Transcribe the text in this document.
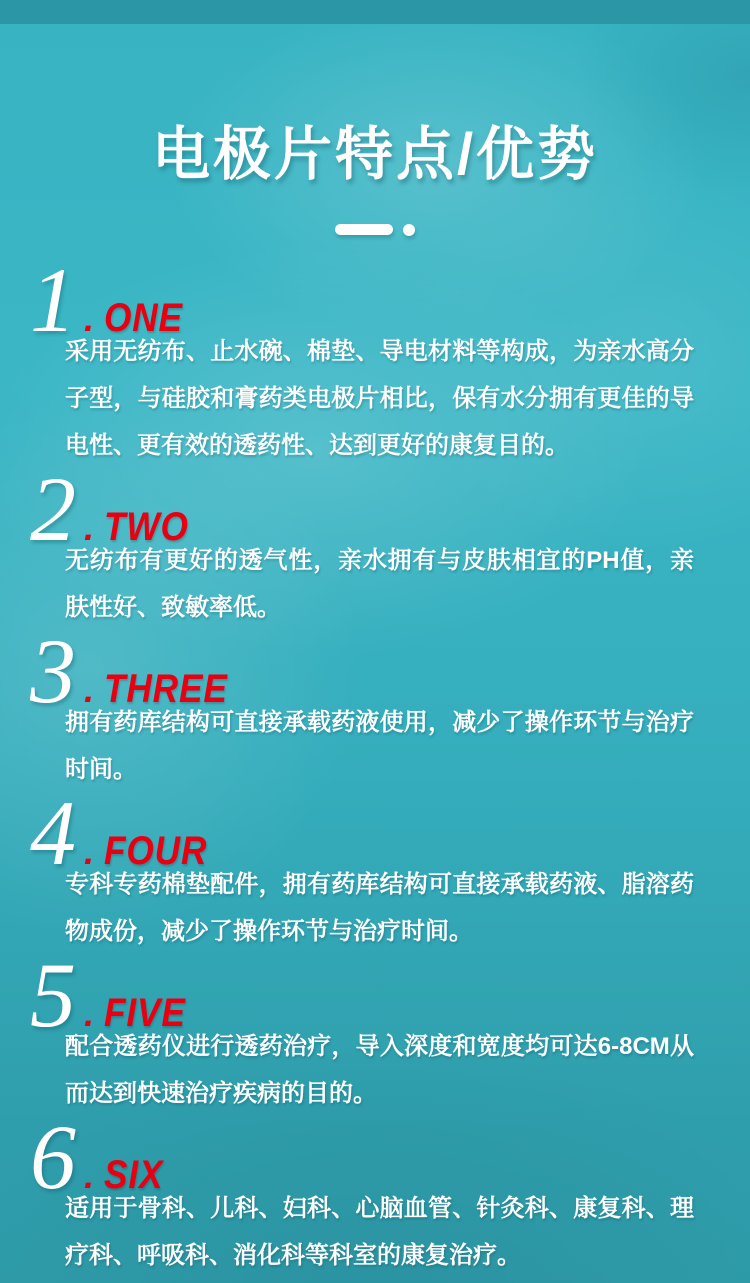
电极片特点/优势
1 . ONE

采用无纺布、止水碗、棉垫、导电材料等构成，为亲水高分子型，与硅胶和膏药类电极片相比，保有水分拥有更佳的导电性、更有效的透药性、达到更好的康复目的。

2 . TWO

无纺布有更好的透气性，亲水拥有与皮肤相宜的PH值，亲肤性好、致敏率低。

3 . THREE

拥有药库结构可直接承载药液使用，减少了操作环节与治疗时间。

4 . FOUR

专科专药棉垫配件，拥有药库结构可直接承载药液、脂溶药物成份，减少了操作环节与治疗时间。

5 . FIVE

配合透药仪进行透药治疗，导入深度和宽度均可达6-8CM从而达到快速治疗疾病的目的。

6 . SIX

适用于骨科、儿科、妇科、心脑血管、针灸科、康复科、理疗科、呼吸科、消化科等科室的康复治疗。
